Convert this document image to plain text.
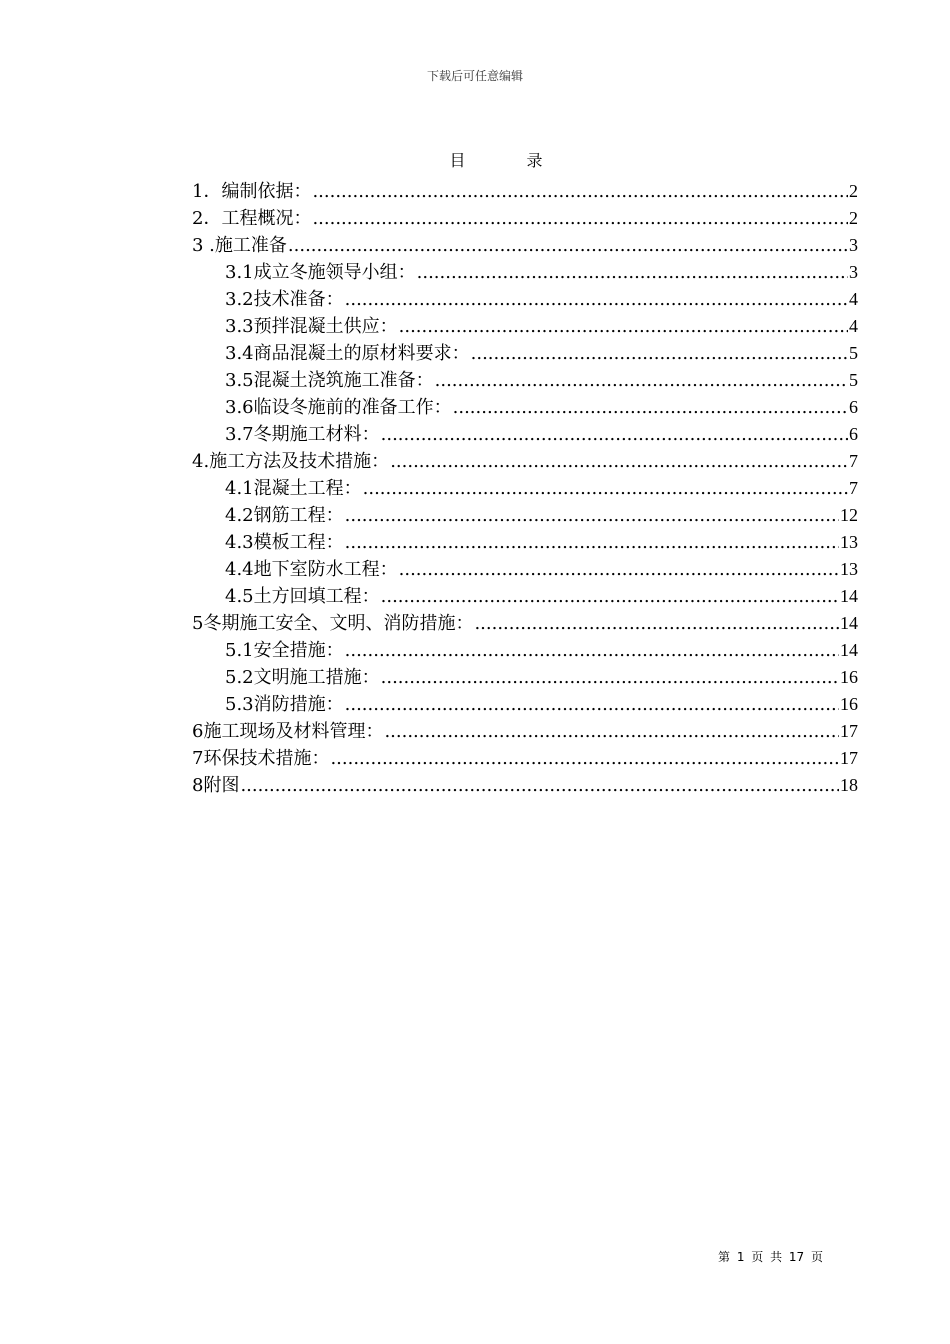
下载后可任意编辑
目 录
1． 编制依据： .....	2
2． 工程概况： .....	2
3 . 施工准备 .....	3
3.1 成立冬施领导小组： .....	3
3.2 技术准备： .....	4
3.3 预拌混凝土供应： .....	4
3.4 商品混凝土的原材料要求： .....	5
3.5 混凝土浇筑施工准备： .....	5
3.6 临设冬施前的准备工作： .....	6
3.7 冬期施工材料： .....	6
4. 施工方法及技术措施： .....	7
4.1 混凝土工程： .....	7
4.2 钢筋工程： .....	12
4.3 模板工程： .....	13
4.4 地下室防水工程： .....	13
4.5 土方回填工程： .....	14
5 冬期施工安全、文明、消防措施： .....	14
5.1 安全措施： .....	14
5.2 文明施工措施： .....	16
5.3 消防措施： .....	16
6 施工现场及材料管理： .....	17
7 环保技术措施： .....	17
8 附图 .....	18
第 1 页 共 17 页
